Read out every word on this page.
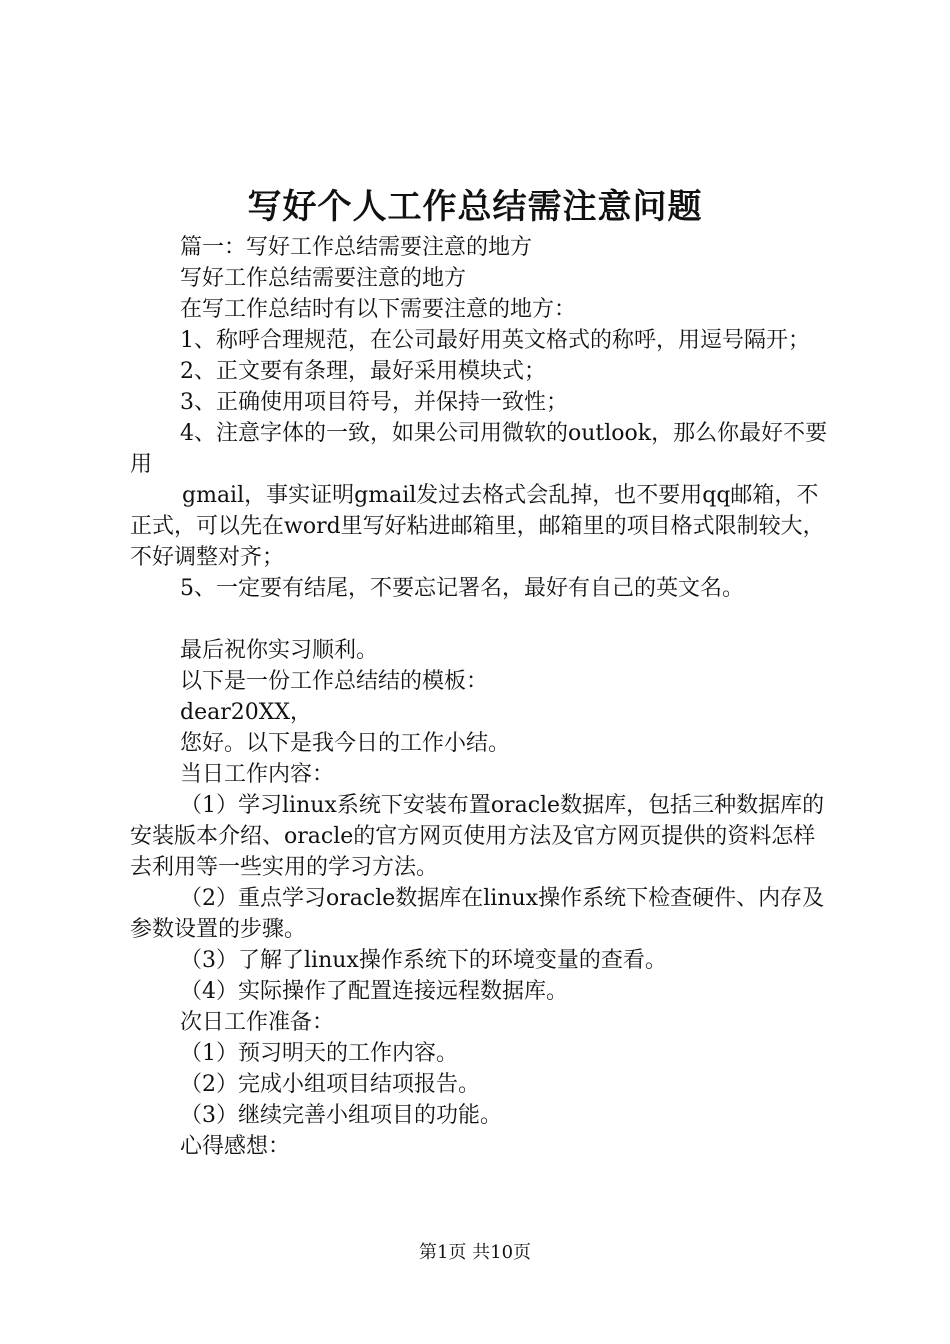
写好个人工作总结需注意问题

篇一：写好工作总结需要注意的地方

写好工作总结需要注意的地方

在写工作总结时有以下需要注意的地方：

1、称呼合理规范，在公司最好用英文格式的称呼，用逗号隔开；

2、正文要有条理，最好采用模块式；

3、正确使用项目符号，并保持一致性；

4、注意字体的一致，如果公司用微软的outlook，那么你最好不要用

gmail，事实证明gmail发过去格式会乱掉，也不要用qq邮箱，不正式，可以先在word里写好粘进邮箱里，邮箱里的项目格式限制较大，不好调整对齐；

5、一定要有结尾，不要忘记署名，最好有自己的英文名。

最后祝你实习顺利。

以下是一份工作总结结的模板：

dear20XX，

您好。以下是我今日的工作小结。

当日工作内容：

（1）学习linux系统下安装布置oracle数据库，包括三种数据库的安装版本介绍、oracle的官方网页使用方法及官方网页提供的资料怎样去利用等一些实用的学习方法。

（2）重点学习oracle数据库在linux操作系统下检查硬件、内存及参数设置的步骤。

（3）了解了linux操作系统下的环境变量的查看。

（4）实际操作了配置连接远程数据库。

次日工作准备：

（1）预习明天的工作内容。

（2）完成小组项目结项报告。

（3）继续完善小组项目的功能。

心得感想：

第1页 共10页
